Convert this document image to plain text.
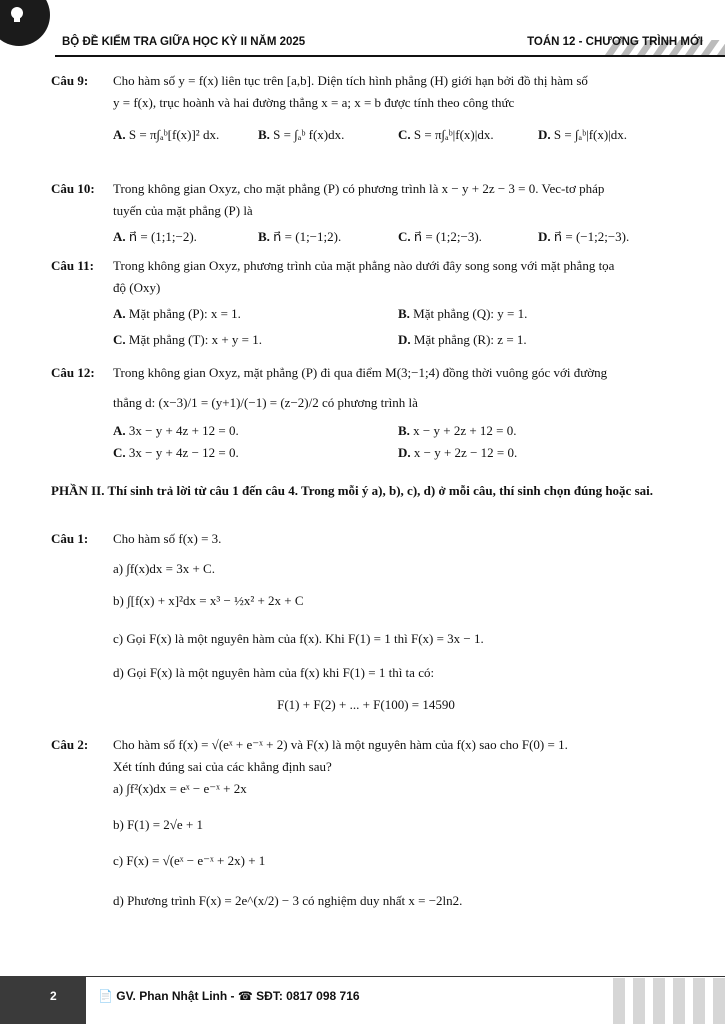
BỘ ĐỀ KIỂM TRA GIỮA HỌC KỲ II NĂM 2025	TOÁN 12 - CHƯƠNG TRÌNH MỚI
Câu 9: Cho hàm số y = f(x) liên tục trên [a,b]. Diện tích hình phẳng (H) giới hạn bởi đồ thị hàm số
y = f(x), trục hoành và hai đường thẳng x = a; x = b được tính theo công thức
A. S = π∫ₐᵇ[f(x)]² dx.	B. S = ∫ₐᵇ f(x)dx.	C. S = π∫ₐᵇ|f(x)|dx.	D. S = ∫ₐᵇ|f(x)|dx.
Câu 10: Trong không gian Oxyz, cho mặt phẳng (P) có phương trình là x − y + 2z − 3 = 0. Vec-tơ pháp
tuyến của mặt phẳng (P) là
A. n⃗ = (1;1;−2).	B. n⃗ = (1;−1;2).	C. n⃗ = (1;2;−3).	D. n⃗ = (−1;2;−3).
Câu 11: Trong không gian Oxyz, phương trình của mặt phẳng nào dưới đây song song với mặt phẳng tọa
độ (Oxy)
A. Mặt phẳng (P): x = 1.	B. Mặt phẳng (Q): y = 1.
C. Mặt phẳng (T): x + y = 1.	D. Mặt phẳng (R): z = 1.
Câu 12: Trong không gian Oxyz, mặt phẳng (P) đi qua điểm M(3;−1;4) đồng thời vuông góc với đường
thẳng d: (x−3)/1 = (y+1)/(−1) = (z−2)/2 có phương trình là
A. 3x − y + 4z + 12 = 0.	B. x − y + 2z + 12 = 0.
C. 3x − y + 4z − 12 = 0.	D. x − y + 2z − 12 = 0.
PHẦN II. Thí sinh trả lời từ câu 1 đến câu 4. Trong mỗi ý a), b), c), d) ở mỗi câu, thí sinh chọn đúng hoặc sai.
Câu 1: Cho hàm số f(x) = 3.
a) ∫f(x)dx = 3x + C.
b) ∫[f(x) + x]²dx = x³ − ½x² + 2x + C
c) Gọi F(x) là một nguyên hàm của f(x). Khi F(1) = 1 thì F(x) = 3x − 1.
d) Gọi F(x) là một nguyên hàm của f(x) khi F(1) = 1 thì ta có:
F(1) + F(2) + ... + F(100) = 14590
Câu 2: Cho hàm số f(x) = √(eˣ + e⁻ˣ + 2) và F(x) là một nguyên hàm của f(x) sao cho F(0) = 1.
Xét tính đúng sai của các khẳng định sau?
a) ∫f²(x)dx = eˣ − e⁻ˣ + 2x
b) F(1) = 2√e + 1
c) F(x) = √(eˣ − e⁻ˣ + 2x) + 1
d) Phương trình F(x) = 2e^(x/2) − 3 có nghiệm duy nhất x = −2ln2.
2	📄 GV. Phan Nhật Linh - ☎ SĐT: 0817 098 716
